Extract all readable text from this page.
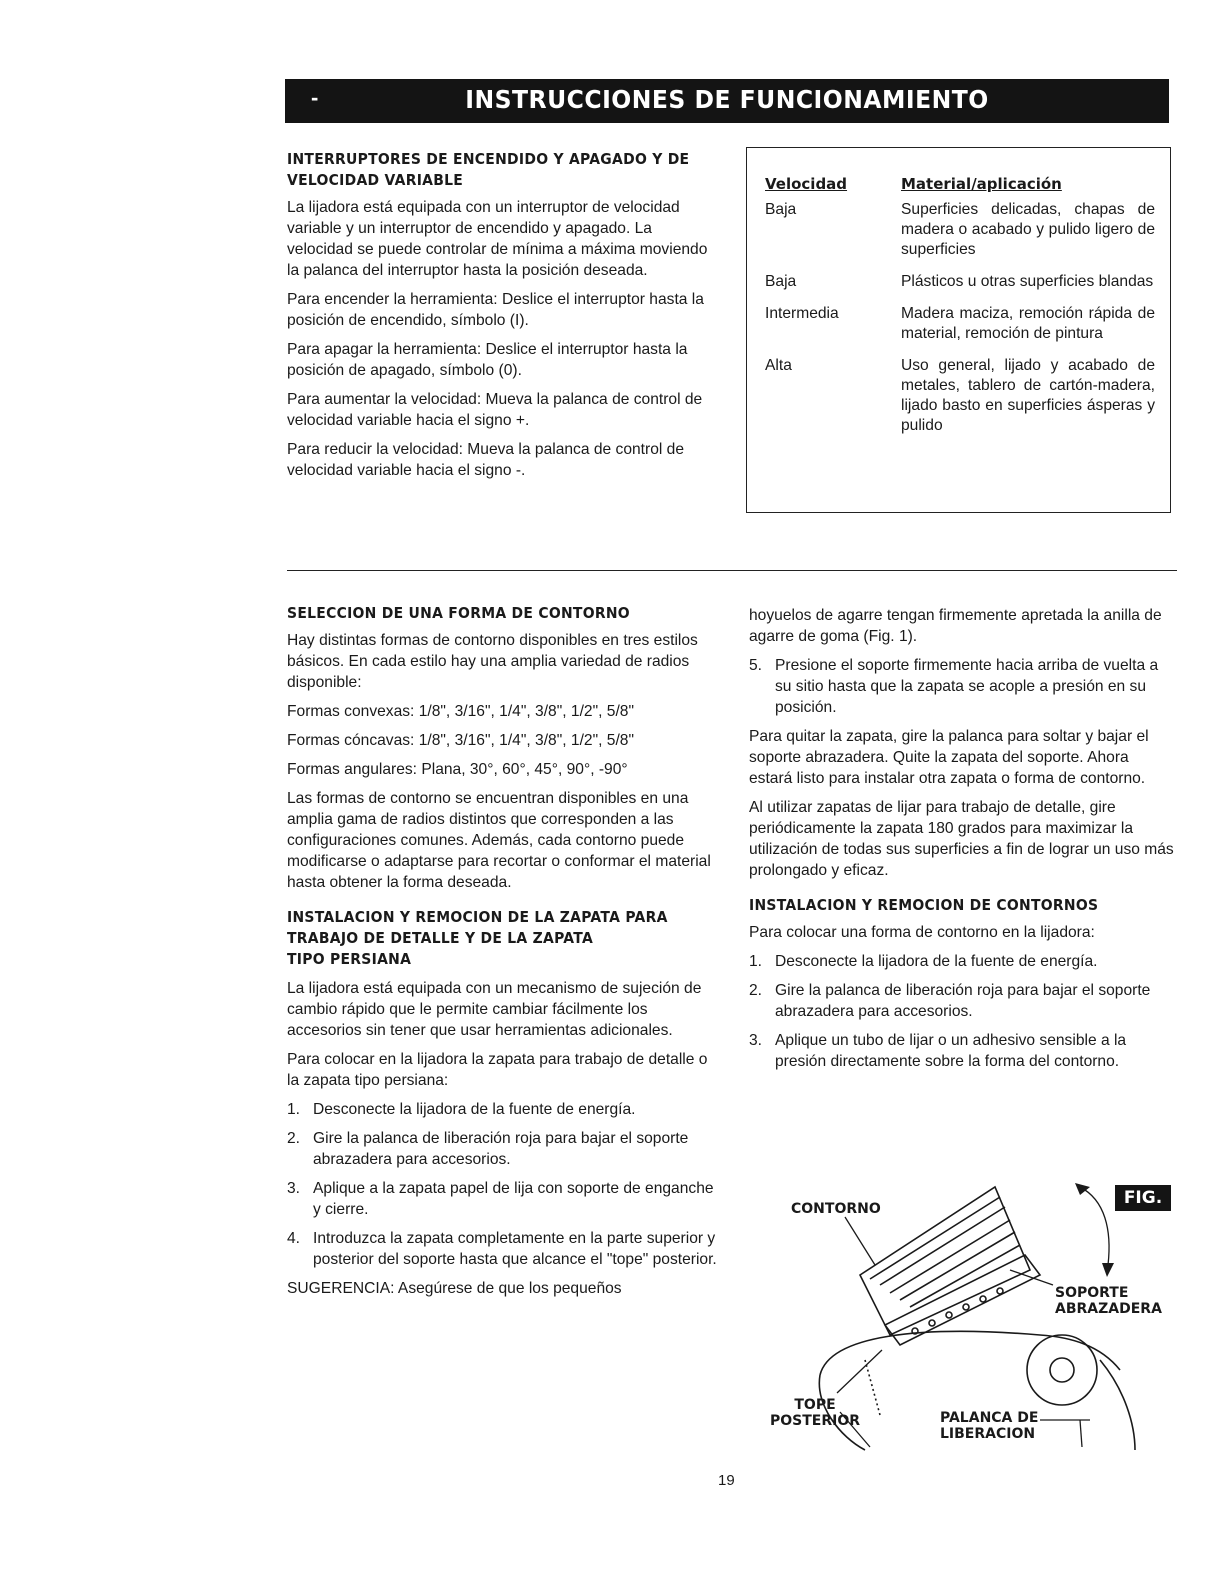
-	INSTRUCCIONES DE FUNCIONAMIENTO
INTERRUPTORES DE ENCENDIDO Y APAGADO Y DE VELOCIDAD VARIABLE

La lijadora está equipada con un interruptor de velocidad variable y un interruptor de encendido y apagado. La velocidad se puede controlar de mínima a máxima moviendo la palanca del interruptor hasta la posición deseada.

Para encender la herramienta: Deslice el interruptor hasta la posición de encendido, símbolo (I).

Para apagar la herramienta: Deslice el interruptor hasta la posición de apagado, símbolo (0).

Para aumentar la velocidad: Mueva la palanca de control de velocidad variable hacia el signo +.

Para reducir la velocidad: Mueva la palanca de control de velocidad variable hacia el signo -.

Velocidad	Material/aplicación
Baja	Superficies delicadas, chapas de madera o acabado y pulido ligero de superficies
Baja	Plásticos u otras superficies blandas
Intermedia	Madera maciza, remoción rápida de material, remoción de pintura
Alta	Uso general, lijado y acabado de metales, tablero de cartón-madera, lijado basto en superficies ásperas y pulido
SELECCION DE UNA FORMA DE CONTORNO

Hay distintas formas de contorno disponibles en tres estilos básicos. En cada estilo hay una amplia variedad de radios disponible:

Formas convexas: 1/8", 3/16", 1/4", 3/8", 1/2", 5/8"

Formas cóncavas: 1/8", 3/16", 1/4", 3/8", 1/2", 5/8"

Formas angulares: Plana, 30°, 60°, 45°, 90°, -90°

Las formas de contorno se encuentran disponibles en una amplia gama de radios distintos que corresponden a las configuraciones comunes. Además, cada contorno puede modificarse o adaptarse para recortar o conformar el material hasta obtener la forma deseada.

INSTALACION Y REMOCION DE LA ZAPATA PARA
TRABAJO DE DETALLE Y DE LA ZAPATA
TIPO PERSIANA

La lijadora está equipada con un mecanismo de sujeción de cambio rápido que le permite cambiar fácilmente los accesorios sin tener que usar herramientas adicionales.

Para colocar en la lijadora la zapata para trabajo de detalle o la zapata tipo persiana:

1. Desconecte la lijadora de la fuente de energía.
2. Gire la palanca de liberación roja para bajar el soporte abrazadera para accesorios.
3. Aplique a la zapata papel de lija con soporte de enganche y cierre.
4. Introduzca la zapata completamente en la parte superior y posterior del soporte hasta que alcance el "tope" posterior.

SUGERENCIA: Asegúrese de que los pequeños

hoyuelos de agarre tengan firmemente apretada la anilla de agarre de goma (Fig. 1).

5. Presione el soporte firmemente hacia arriba de vuelta a su sitio hasta que la zapata se acople a presión en su posición.

Para quitar la zapata, gire la palanca para soltar y bajar el soporte abrazadera. Quite la zapata del soporte. Ahora estará listo para instalar otra zapata o forma de contorno.

Al utilizar zapatas de lijar para trabajo de detalle, gire periódicamente la zapata 180 grados para maximizar la utilización de todas sus superficies a fin de lograr un uso más prolongado y eficaz.

INSTALACION Y REMOCION DE CONTORNOS

Para colocar una forma de contorno en la lijadora:

1. Desconecte la lijadora de la fuente de energía.
2. Gire la palanca de liberación roja para bajar el soporte abrazadera para accesorios.
3. Aplique un tubo de lijar o un adhesivo sensible a la presión directamente sobre la forma del contorno.
FIG. 2
CONTORNO
SOPORTE
ABRAZADERA
TOPE
POSTERIOR	PALANCA DE
LIBERACION
19
